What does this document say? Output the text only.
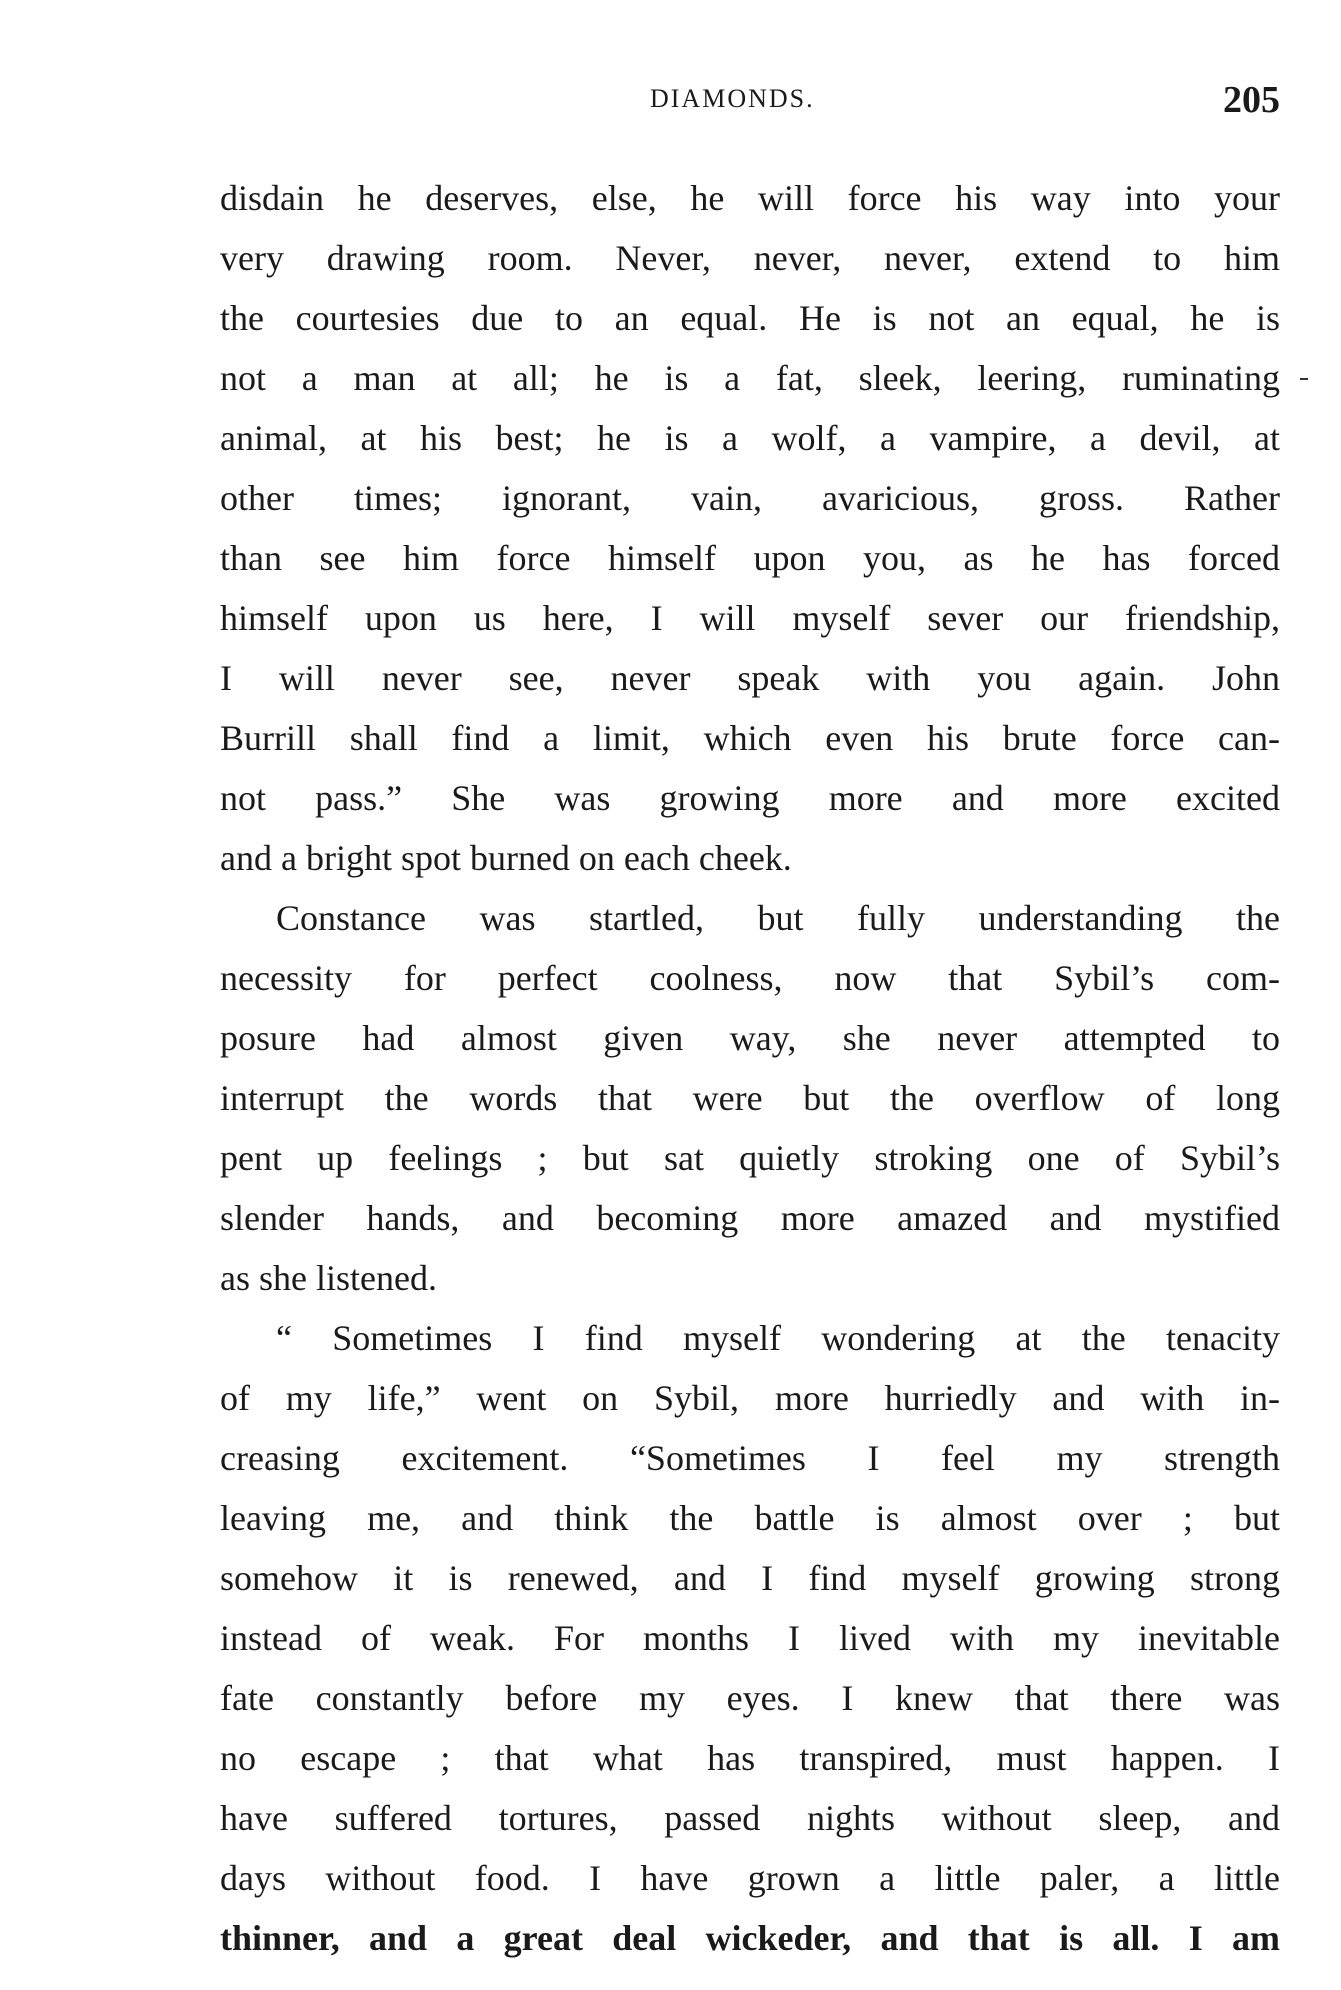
DIAMONDS.	205
disdain he deserves, else, he will force his way into your
very drawing room. Never, never, never, extend to him
the courtesies due to an equal. He is not an equal, he is
not a man at all; he is a fat, sleek, leering, ruminating
animal, at his best; he is a wolf, a vampire, a devil, at
other times; ignorant, vain, avaricious, gross. Rather
than see him force himself upon you, as he has forced
himself upon us here, I will myself sever our friendship,
I will never see, never speak with you again. John
Burrill shall find a limit, which even his brute force can-
not pass.” She was growing more and more excited
and a bright spot burned on each cheek.
Constance was startled, but fully understanding the
necessity for perfect coolness, now that Sybil’s com-
posure had almost given way, she never attempted to
interrupt the words that were but the overflow of long
pent up feelings ; but sat quietly stroking one of Sybil’s
slender hands, and becoming more amazed and mystified
as she listened.
“ Sometimes I find myself wondering at the tenacity
of my life,” went on Sybil, more hurriedly and with in-
creasing excitement. “Sometimes I feel my strength
leaving me, and think the battle is almost over ; but
somehow it is renewed, and I find myself growing strong
instead of weak. For months I lived with my inevitable
fate constantly before my eyes. I knew that there was
no escape ; that what has transpired, must happen. I
have suffered tortures, passed nights without sleep, and
days without food. I have grown a little paler, a little
thinner, and a great deal wickeder, and that is all. I am
